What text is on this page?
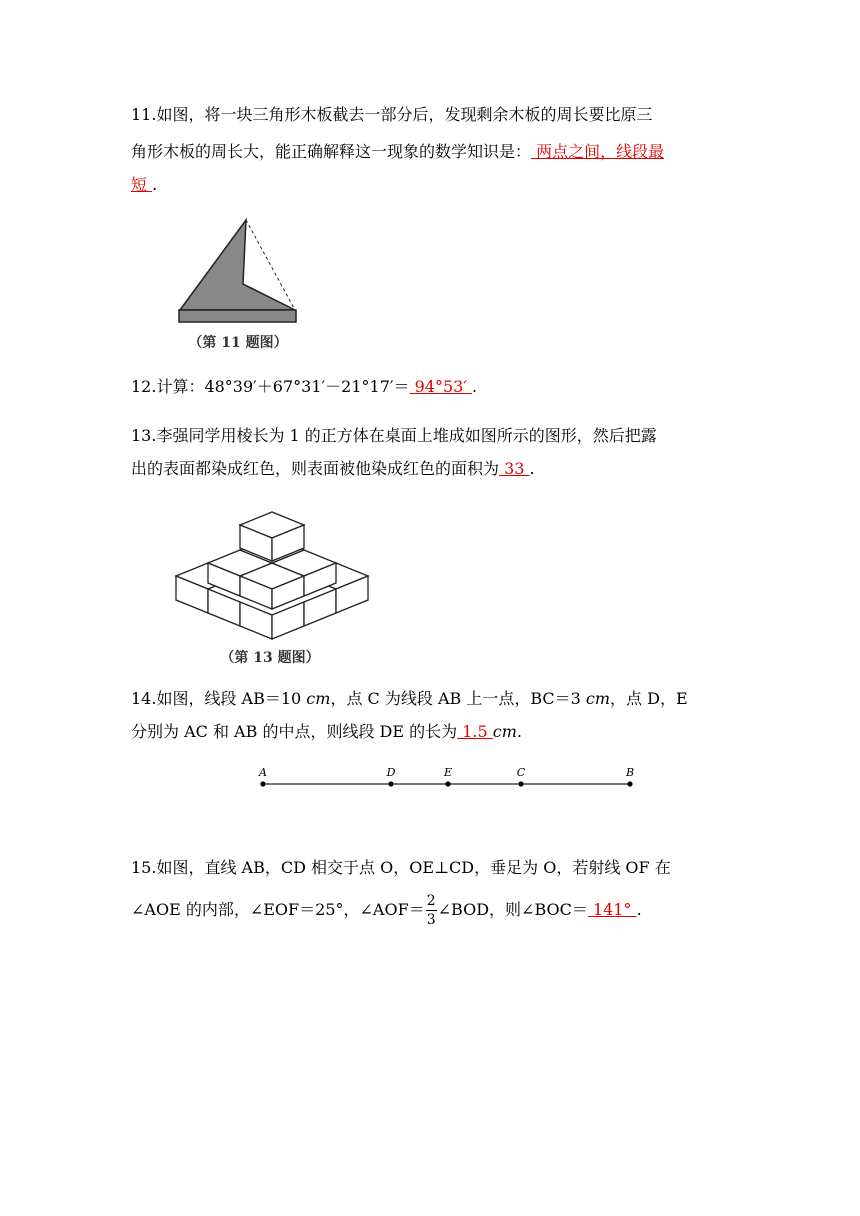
11.如图，将一块三角形木板截去一部分后，发现剩余木板的周长要比原三
角形木板的周长大，能正确解释这一现象的数学知识是： 两点之间，线段最
短 .
（第 11 题图）
12.计算：48°39′＋67°31′－21°17′＝ 94°53′ .
13.李强同学用棱长为 1 的正方体在桌面上堆成如图所示的图形，然后把露
出的表面都染成红色，则表面被他染成红色的面积为 33 .
（第 13 题图）
14.如图，线段 AB＝10 cm，点 C 为线段 AB 上一点，BC＝3 cm，点 D，E
分别为 AC 和 AB 的中点，则线段 DE 的长为 1.5 cm.
A	D	E	C	B
15.如图，直线 AB，CD 相交于点 O，OE⊥CD，垂足为 O，若射线 OF 在
∠AOE 的内部，∠EOF＝25°，∠AOF＝ $\frac{2}{3}$ ∠BOD，则∠BOC＝ 141° .
